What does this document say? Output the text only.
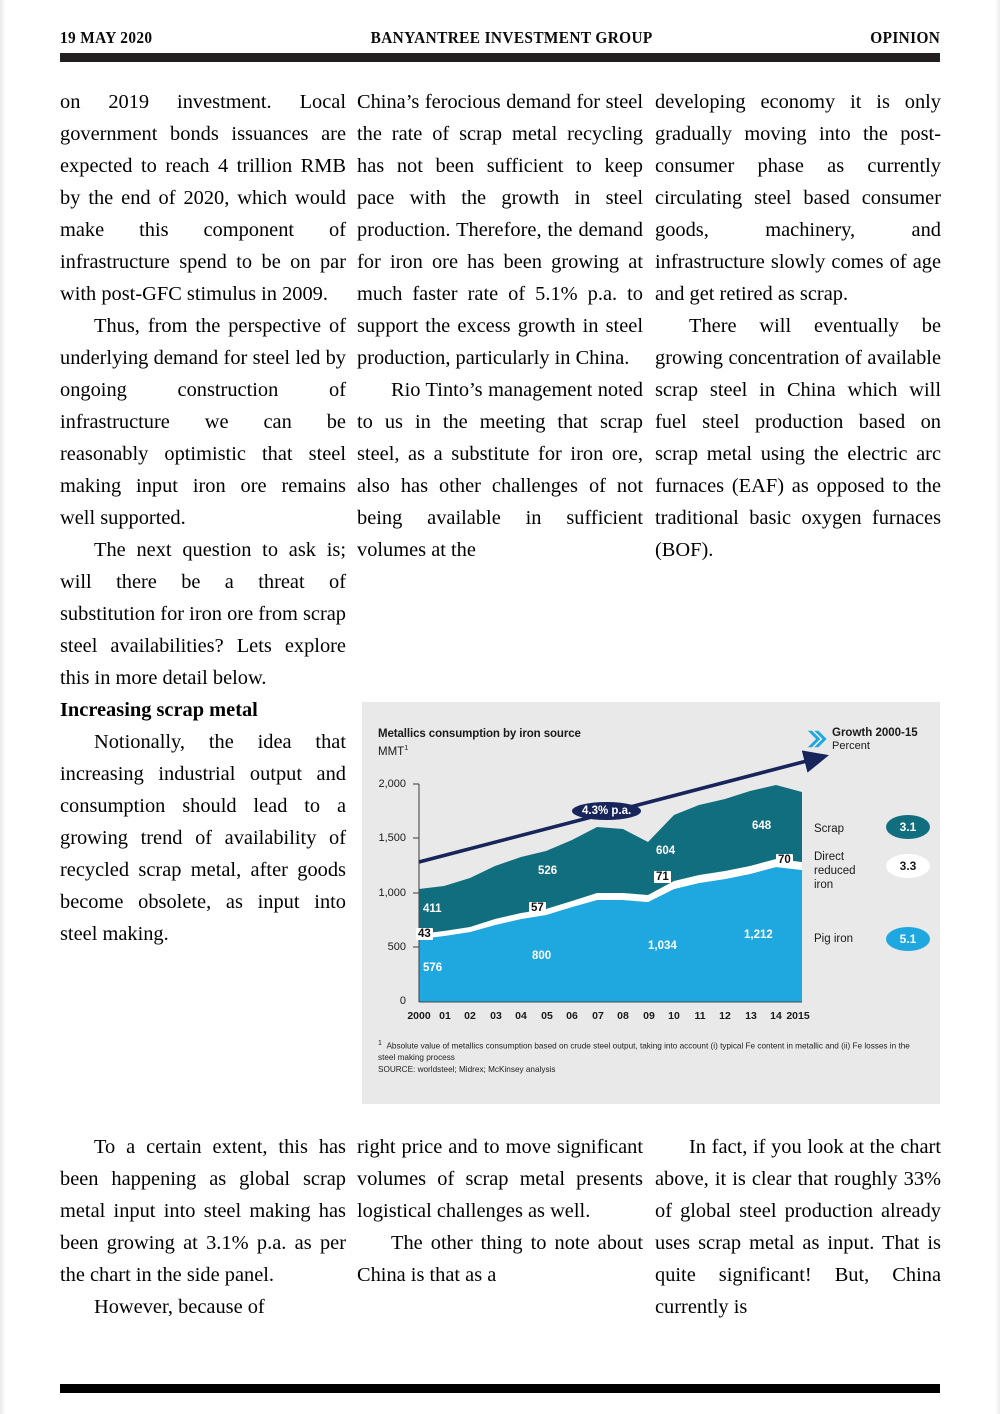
19 MAY 2020	BANYANTREE INVESTMENT GROUP	OPINION

on 2019 investment. Local government bonds issuances are expected to reach 4 trillion RMB by the end of 2020, which would make this component of infrastructure spend to be on par with post-GFC stimulus in 2009.

Thus, from the perspective of underlying demand for steel led by ongoing construction of infrastructure we can be reasonably optimistic that steel making input iron ore remains well supported.

The next question to ask is; will there be a threat of substitution for iron ore from scrap steel availabilities? Lets explore this in more detail below.

Increasing scrap metal

Notionally, the idea that increasing industrial output and consumption should lead to a growing trend of availability of recycled scrap metal, after goods become obsolete, as input into steel making.

China’s ferocious demand for steel the rate of scrap metal recycling has not been sufficient to keep pace with the growth in steel production. Therefore, the demand for iron ore has been growing at much faster rate of 5.1% p.a. to support the excess growth in steel production, particularly in China.

Rio Tinto’s management noted to us in the meeting that scrap steel, as a substitute for iron ore, also has other challenges of not being available in sufficient volumes at the

developing economy it is only gradually moving into the post-consumer phase as currently circulating steel based consumer goods, machinery, and infrastructure slowly comes of age and get retired as scrap.

There will eventually be growing concentration of available scrap steel in China which will fuel steel production based on scrap metal using the electric arc furnaces (EAF) as opposed to the traditional basic oxygen furnaces (BOF).

Metallics consumption by iron source
MMT$^1$
Growth 2000-15
Percent
2,000
1,500
1,000
500
0
2000 01	02	03	04	05	06	07	08	09	10	11	12	13	14 2015
4.3% p.a.
411
526
604
648
43
57
71
70
576
800
1,034
1,212
Scrap	3.1
Direct reduced iron
3.3
Pig iron	5.1
$^1$ Absolute value of metallics consumption based on crude steel output, taking into account (i) typical Fe content in metallic and (ii) Fe losses in the steel making process
SOURCE: worldsteel; Midrex; McKinsey analysis

To a certain extent, this has been happening as global scrap metal input into steel making has been growing at 3.1% p.a. as per the chart in the side panel.

However, because of

right price and to move significant volumes of scrap metal presents logistical challenges as well.

The other thing to note about China is that as a

In fact, if you look at the chart above, it is clear that roughly 33% of global steel production already uses scrap metal as input. That is quite significant! But, China currently is
